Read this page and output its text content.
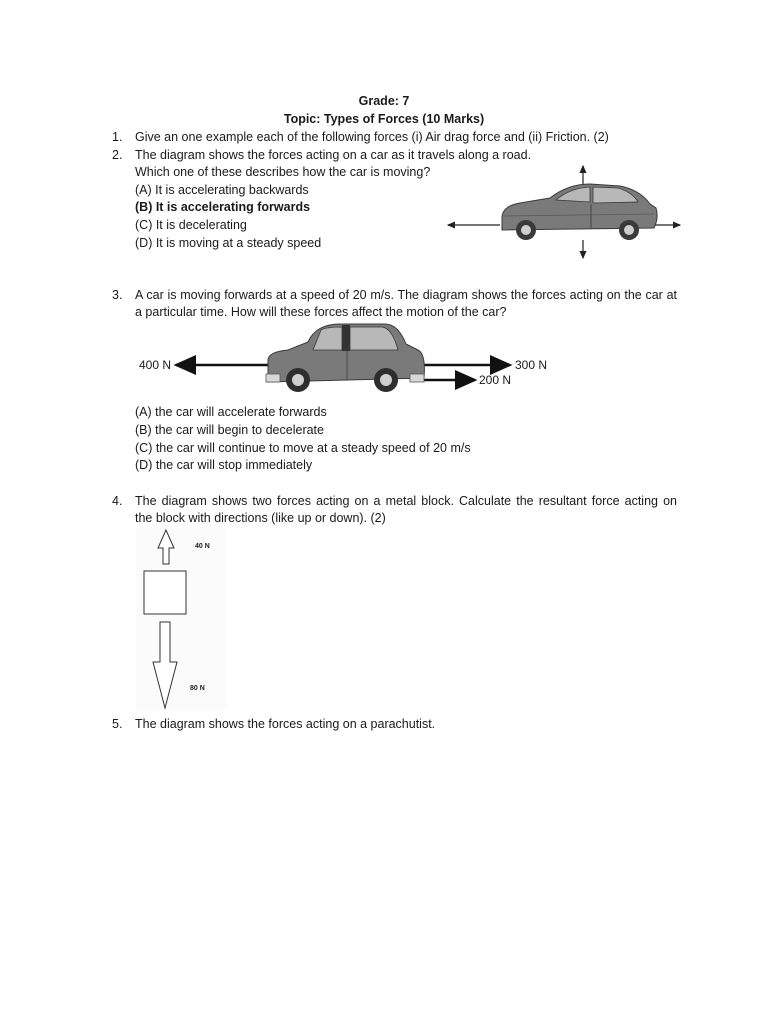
Grade: 7
Topic: Types of Forces (10 Marks)
1. Give an one example each of the following forces (i) Air drag force and (ii) Friction. (2)
2. The diagram shows the forces acting on a car as it travels along a road.
Which one of these describes how the car is moving?
(A) It is accelerating backwards
(B) It is accelerating forwards
(C) It is decelerating
(D) It is moving at a steady speed
3. A car is moving forwards at a speed of 20 m/s. The diagram shows the forces acting on the car at
a particular time. How will these forces affect the motion of the car?
400 N	300 N
200 N
(A) the car will accelerate forwards
(B) the car will begin to decelerate
(C) the car will continue to move at a steady speed of 20 m/s
(D) the car will stop immediately
4. The diagram shows two forces acting on a metal block. Calculate the resultant force acting on
the block with directions (like up or down). (2)
40 N
80 N
5. The diagram shows the forces acting on a parachutist.
